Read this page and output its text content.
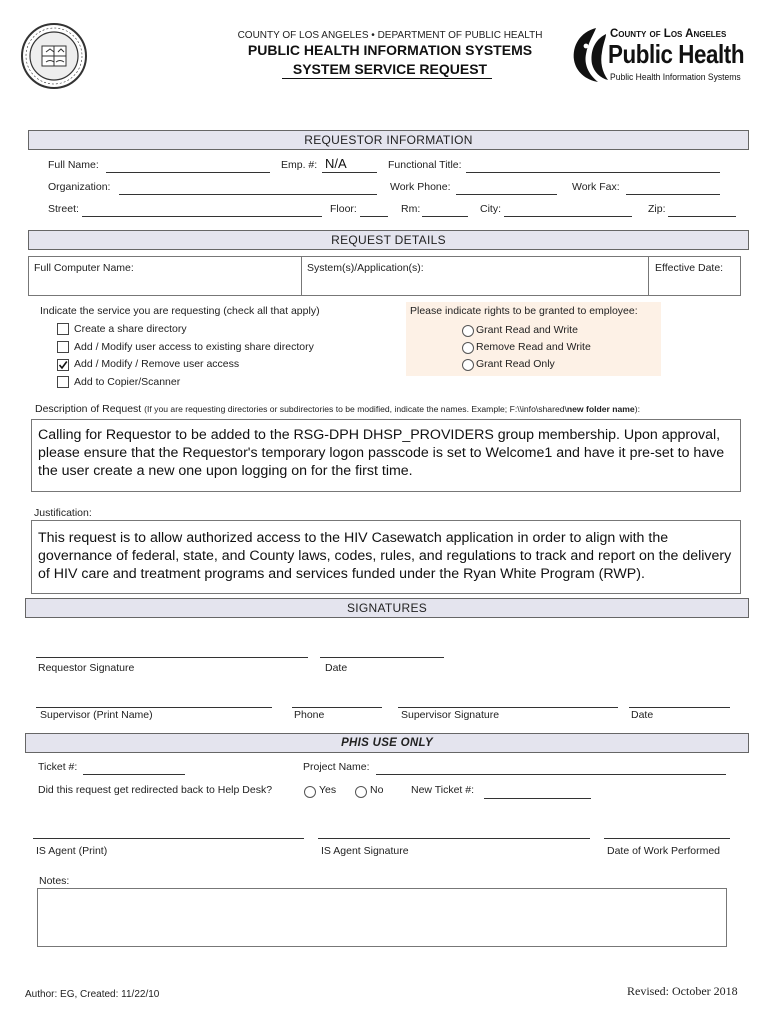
COUNTY OF LOS ANGELES • DEPARTMENT OF PUBLIC HEALTH
PUBLIC HEALTH INFORMATION SYSTEMS
SYSTEM SERVICE REQUEST
County of Los Angeles
Public Health
Public Health Information Systems
REQUESTOR INFORMATION
Full Name:	Emp. #: N/A	Functional Title:
Organization:	Work Phone:	Work Fax:
Street:	Floor:	Rm:	City:	Zip:
REQUEST DETAILS
Full Computer Name:	System(s)/Application(s):	Effective Date:
Indicate the service you are requesting (check all that apply)
Create a share directory
Add / Modify user access to existing share directory
Add / Modify / Remove user access
Add to Copier/Scanner
Please indicate rights to be granted to employee:
Grant Read and Write
Remove Read and Write
Grant Read Only
Description of Request (If you are requesting directories or subdirectories to be modified, indicate the names. Example; F:\\info\shared\new folder name):
Calling for Requestor to be added to the RSG-DPH DHSP_PROVIDERS group membership. Upon approval, please ensure that the Requestor's temporary logon passcode is set to Welcome1 and have it pre-set to have the user create a new one upon logging on for the first time.
Justification:
This request is to allow authorized access to the HIV Casewatch application in order to align with the governance of federal, state, and County laws, codes, rules, and regulations to track and report on the delivery of HIV care and treatment programs and services funded under the Ryan White Program (RWP).
SIGNATURES
Requestor Signature	Date
Supervisor (Print Name)	Phone	Supervisor Signature	Date
PHIS USE ONLY
Ticket #:	Project Name:
Did this request get redirected back to Help Desk?	Yes	No	New Ticket #:
IS Agent (Print)	IS Agent Signature	Date of Work Performed
Notes:
Author: EG, Created: 11/22/10	Revised: October 2018
